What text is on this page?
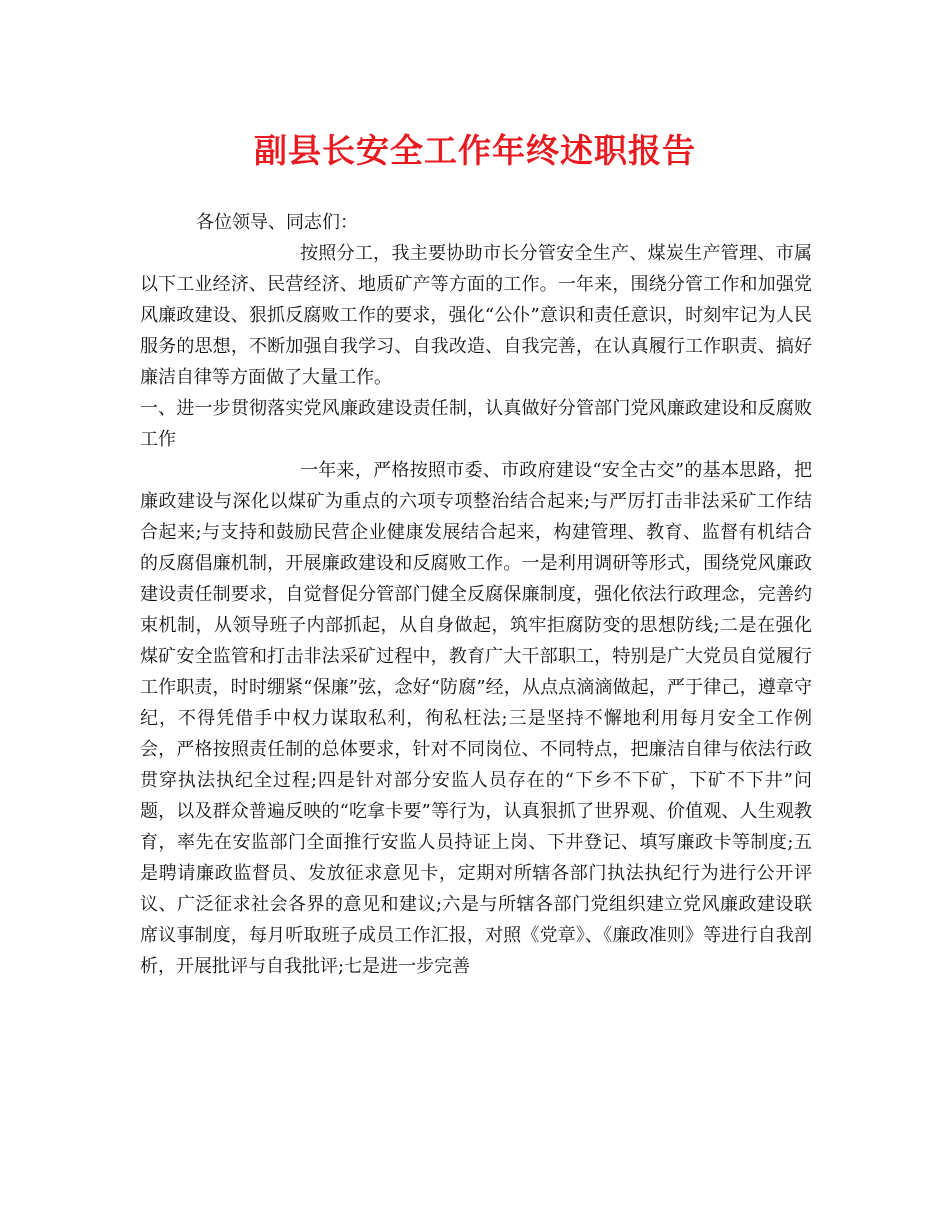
副县长安全工作年终述职报告

各位领导、同志们：

按照分工，我主要协助市长分管安全生产、煤炭生产管理、市属以下工业经济、民营经济、地质矿产等方面的工作。一年来，围绕分管工作和加强党风廉政建设、狠抓反腐败工作的要求，强化“公仆”意识和责任意识，时刻牢记为人民服务的思想，不断加强自我学习、自我改造、自我完善，在认真履行工作职责、搞好廉洁自律等方面做了大量工作。

一、进一步贯彻落实党风廉政建设责任制，认真做好分管部门党风廉政建设和反腐败工作

一年来，严格按照市委、市政府建设“安全古交”的基本思路，把廉政建设与深化以煤矿为重点的六项专项整治结合起来;与严厉打击非法采矿工作结合起来;与支持和鼓励民营企业健康发展结合起来，构建管理、教育、监督有机结合的反腐倡廉机制，开展廉政建设和反腐败工作。一是利用调研等形式，围绕党风廉政建设责任制要求，自觉督促分管部门健全反腐保廉制度，强化依法行政理念，完善约束机制，从领导班子内部抓起，从自身做起，筑牢拒腐防变的思想防线;二是在强化煤矿安全监管和打击非法采矿过程中，教育广大干部职工，特别是广大党员自觉履行工作职责，时时绷紧“保廉”弦，念好“防腐”经，从点点滴滴做起，严于律己，遵章守纪，不得凭借手中权力谋取私利，徇私枉法;三是坚持不懈地利用每月安全工作例会，严格按照责任制的总体要求，针对不同岗位、不同特点，把廉洁自律与依法行政贯穿执法执纪全过程;四是针对部分安监人员存在的“下乡不下矿，下矿不下井”问题，以及群众普遍反映的“吃拿卡要”等行为，认真狠抓了世界观、价值观、人生观教育，率先在安监部门全面推行安监人员持证上岗、下井登记、填写廉政卡等制度;五是聘请廉政监督员、发放征求意见卡，定期对所辖各部门执法执纪行为进行公开评议、广泛征求社会各界的意见和建议;六是与所辖各部门党组织建立党风廉政建设联席议事制度，每月听取班子成员工作汇报，对照《党章》、《廉政准则》等进行自我剖析，开展批评与自我批评;七是进一步完善
